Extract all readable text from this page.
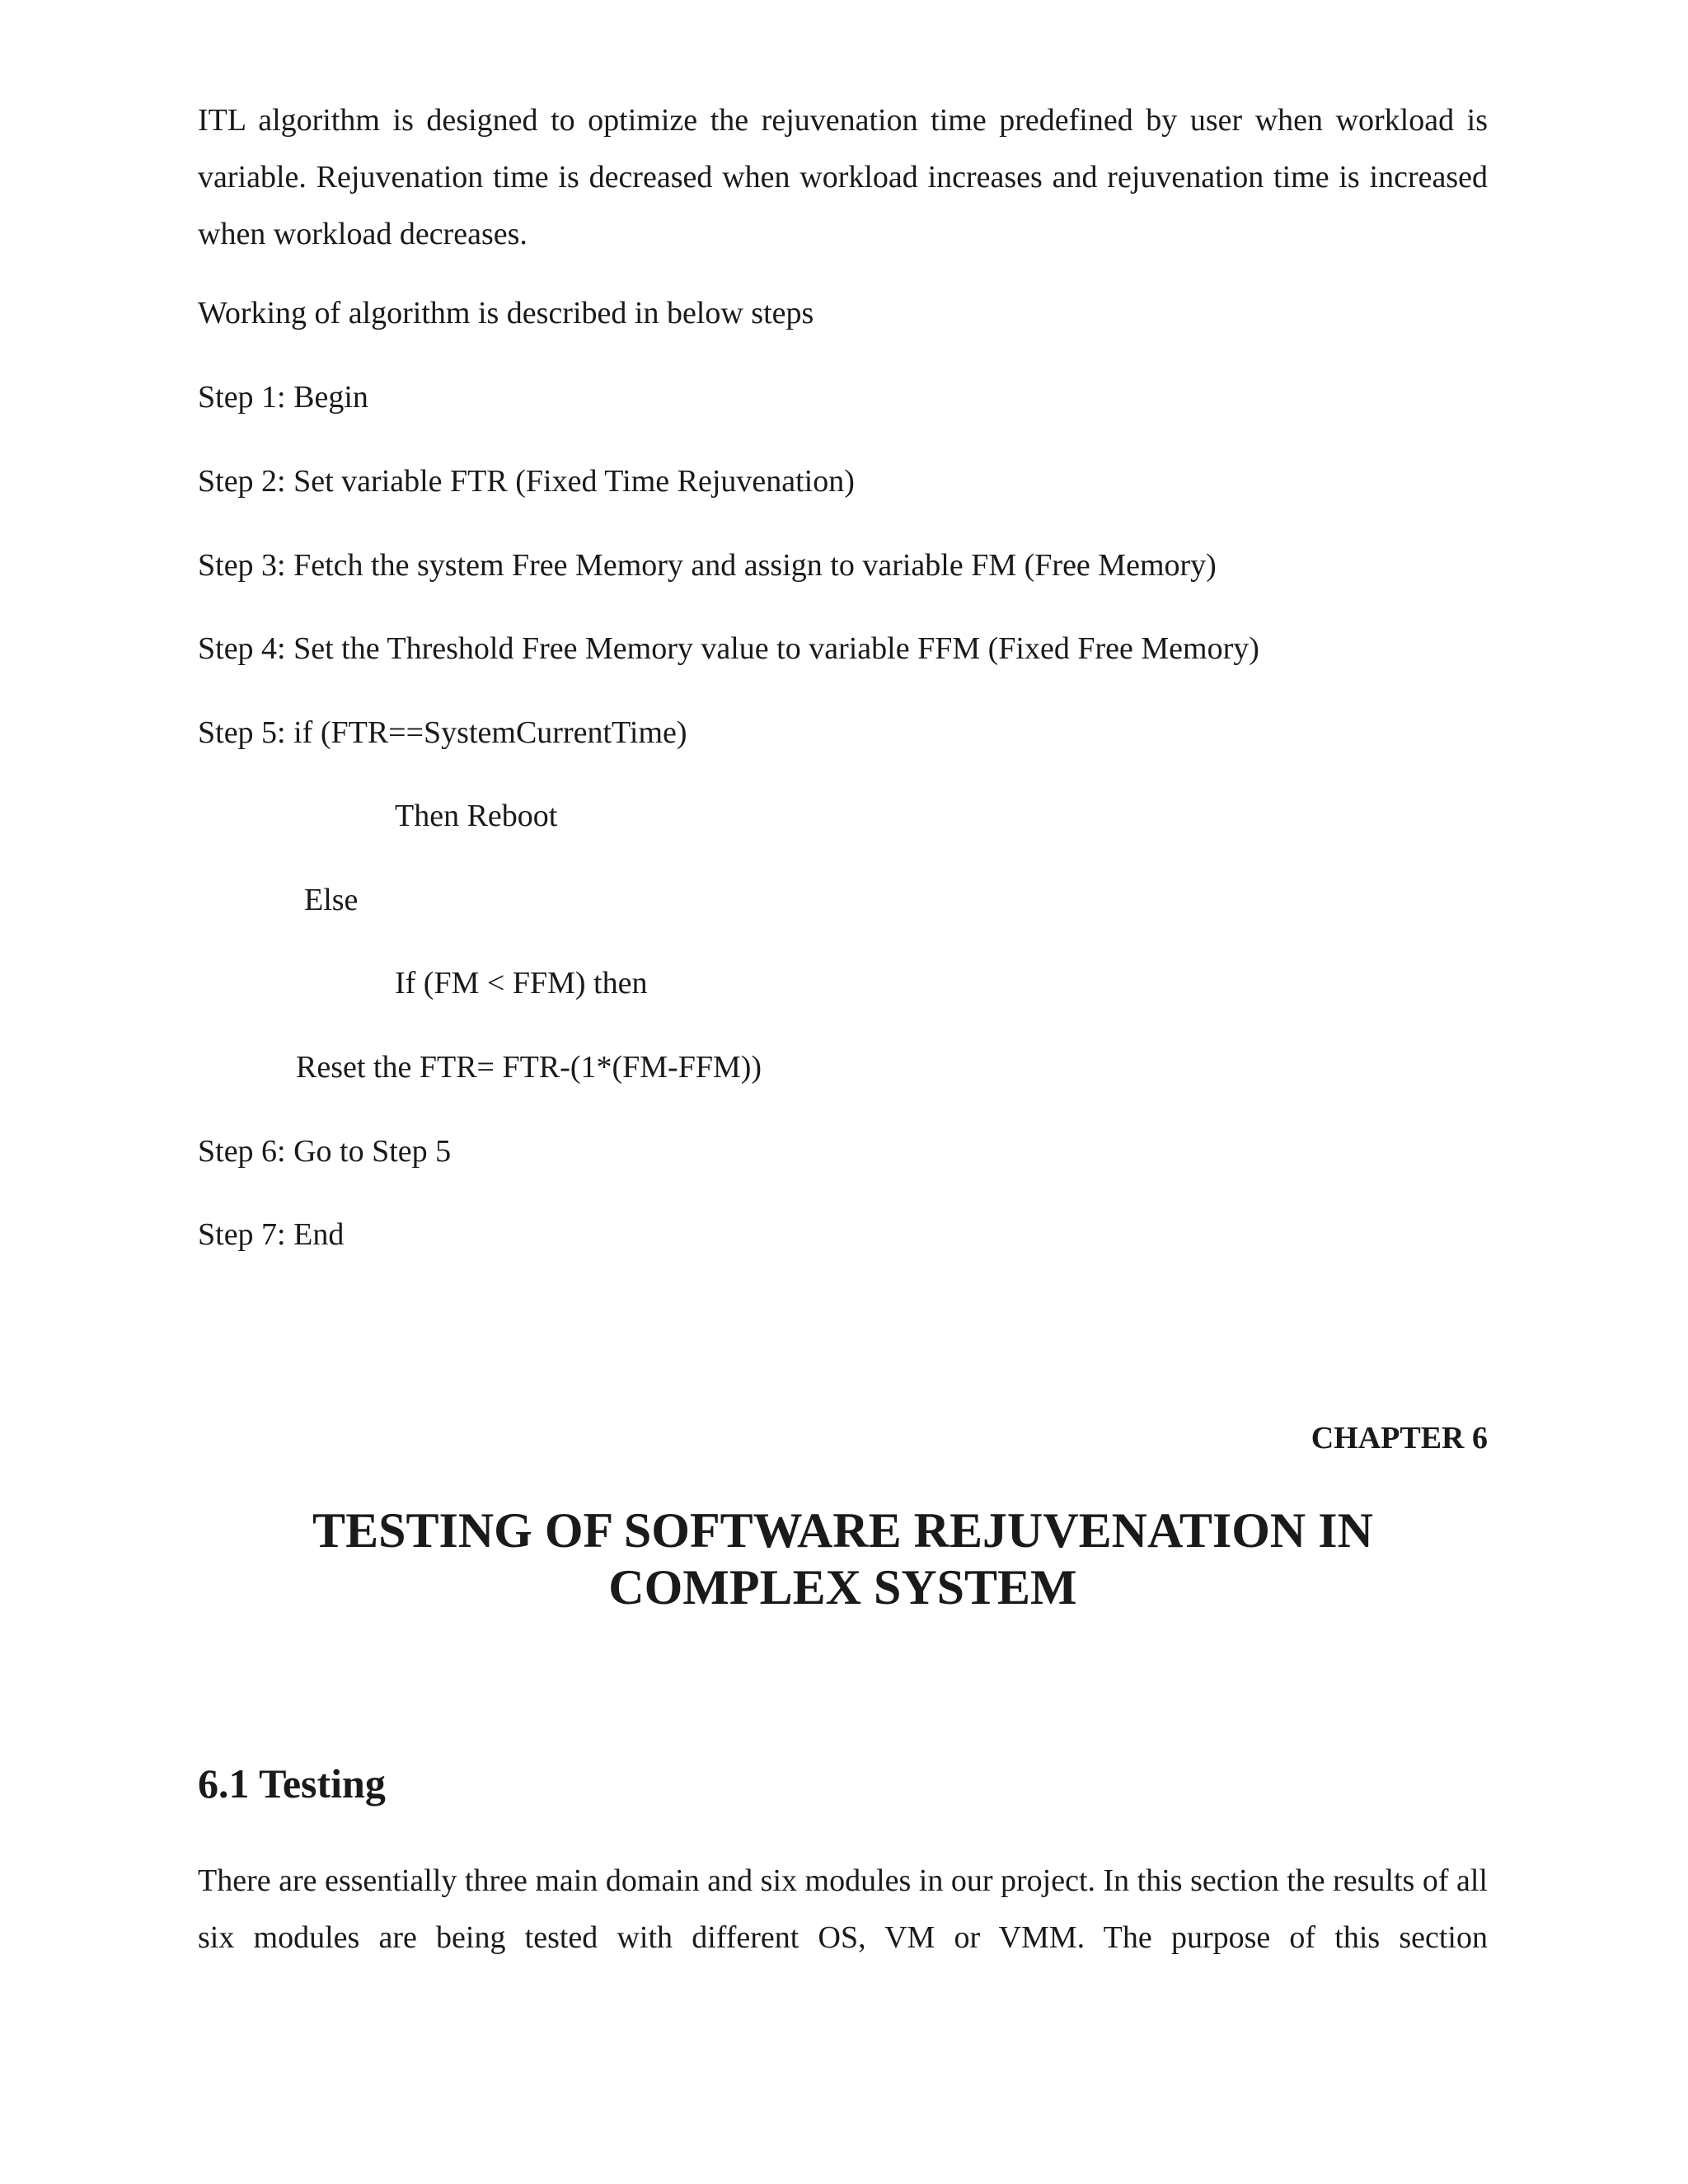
ITL algorithm is designed to optimize the rejuvenation time predefined by user when workload is variable. Rejuvenation time is decreased when workload increases and rejuvenation time is increased when workload decreases.

Working of algorithm is described in below steps

Step 1: Begin

Step 2: Set variable FTR (Fixed Time Rejuvenation)

Step 3: Fetch the system Free Memory and assign to variable FM (Free Memory)

Step 4: Set the Threshold Free Memory value to variable FFM (Fixed Free Memory)

Step 5: if (FTR==SystemCurrentTime)

Then Reboot

Else

If (FM < FFM) then

Reset the FTR= FTR-(1*(FM-FFM))

Step 6: Go to Step 5

Step 7: End

CHAPTER 6

TESTING OF SOFTWARE REJUVENATION IN
COMPLEX SYSTEM
6.1 Testing

There are essentially three main domain and six modules in our project. In this section the results of all six modules are being tested with different OS, VM or VMM. The purpose of this section
